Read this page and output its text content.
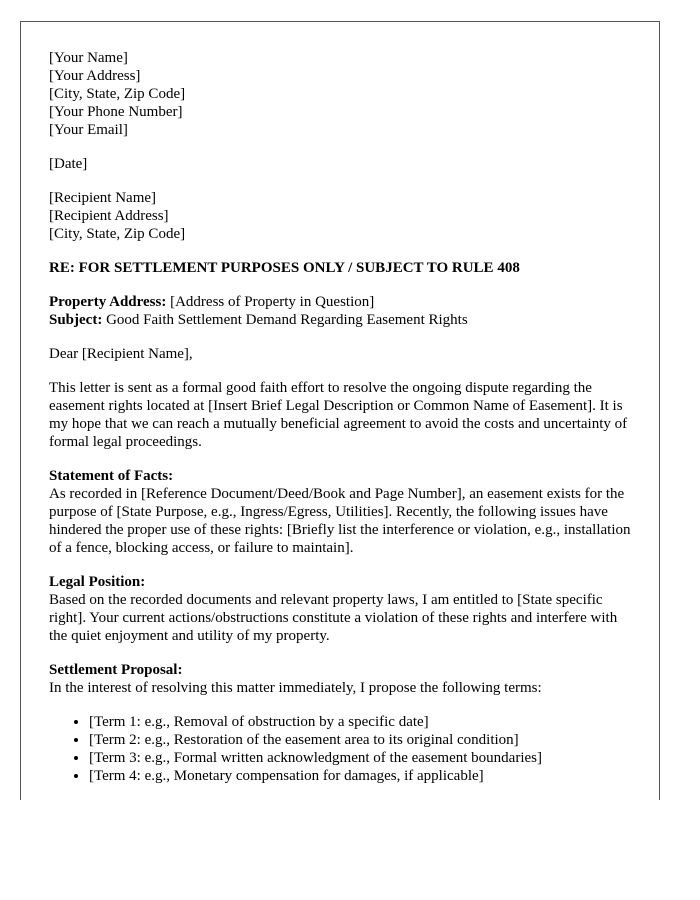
[Your Name]
[Your Address]
[City, State, Zip Code]
[Your Phone Number]
[Your Email]
[Date]
[Recipient Name]
[Recipient Address]
[City, State, Zip Code]
RE: FOR SETTLEMENT PURPOSES ONLY / SUBJECT TO RULE 408
Property Address: [Address of Property in Question]
Subject: Good Faith Settlement Demand Regarding Easement Rights
Dear [Recipient Name],
This letter is sent as a formal good faith effort to resolve the ongoing dispute regarding the easement rights located at [Insert Brief Legal Description or Common Name of Easement]. It is my hope that we can reach a mutually beneficial agreement to avoid the costs and uncertainty of formal legal proceedings.
Statement of Facts:
As recorded in [Reference Document/Deed/Book and Page Number], an easement exists for the purpose of [State Purpose, e.g., Ingress/Egress, Utilities]. Recently, the following issues have hindered the proper use of these rights: [Briefly list the interference or violation, e.g., installation of a fence, blocking access, or failure to maintain].
Legal Position:
Based on the recorded documents and relevant property laws, I am entitled to [State specific right]. Your current actions/obstructions constitute a violation of these rights and interfere with the quiet enjoyment and utility of my property.
Settlement Proposal:
In the interest of resolving this matter immediately, I propose the following terms:
• [Term 1: e.g., Removal of obstruction by a specific date]
• [Term 2: e.g., Restoration of the easement area to its original condition]
• [Term 3: e.g., Formal written acknowledgment of the easement boundaries]
• [Term 4: e.g., Monetary compensation for damages, if applicable]
